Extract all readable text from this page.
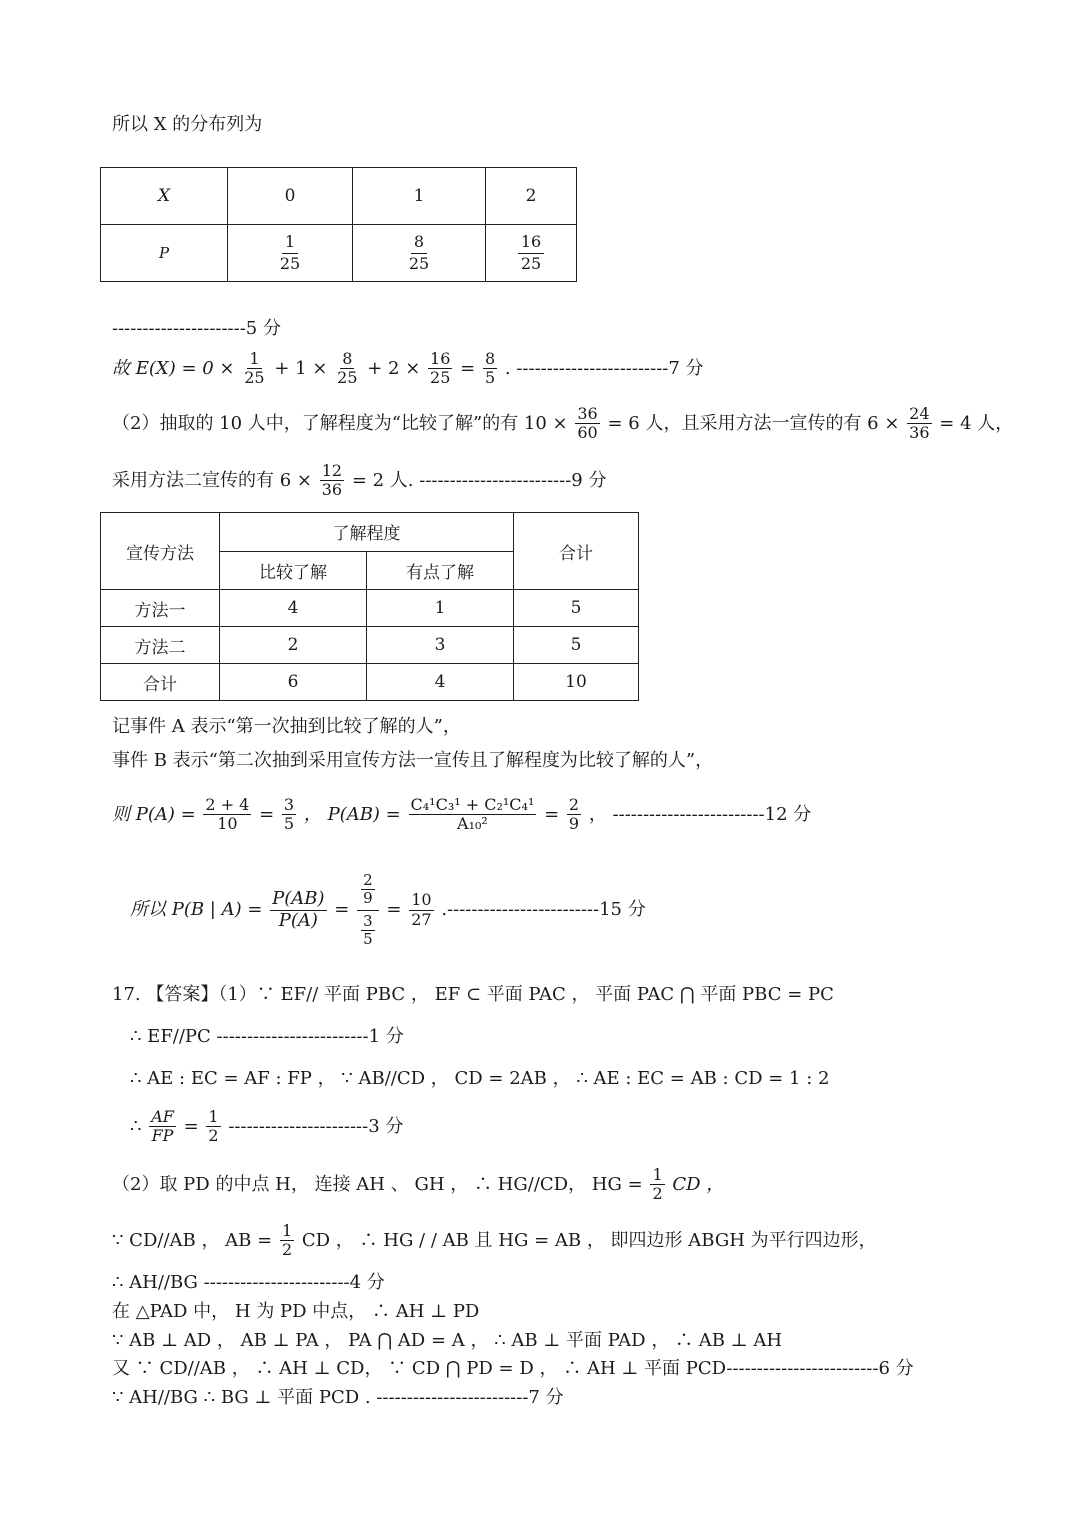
所以 X 的分布列为
X	0	1	2
P	$\frac{1}{25}$	$\frac{8}{25}$	$\frac{16}{25}$
----------------------5 分
故 $E(X) = 0 \times \frac{1}{25} + 1 \times \frac{8}{25} + 2 \times \frac{16}{25} = \frac{8}{5}$ . -------------------------7 分
（2）抽取的 10 人中，了解程度为“比较了解”的有 $10 \times \frac{36}{60} = 6$ 人，且采用方法一宣传的有 $6 \times \frac{24}{36} = 4$ 人，
采用方法二宣传的有 $6 \times \frac{12}{36} = 2$ 人. -------------------------9 分
宣传方法	了解程度		合计
	比较了解	有点了解	
方法一	4	1	5
方法二	2	3	5
合计	6	4	10
记事件 A 表示“第一次抽到比较了解的人”，
事件 B 表示“第二次抽到采用宣传方法一宣传且了解程度为比较了解的人”，
则 $P(A) = \frac{2 + 4}{10} = \frac{3}{5}$ ， $P(AB) = \frac{\text{C₄¹C₃¹ + C₂¹C₄¹}}{\text{A₁₀²}} = \frac{2}{9}$ ， -------------------------12 分
所以 P(B | $A) = \frac{P(AB)}{P(A)} = \frac{\frac{2}{9}}{\frac{3}{5}} = \frac{10}{27} .-------------------------15$ 分
17. 【答案】（1）∵ EF// 平面 PBC ， EF ⊂ 平面 PAC ， 平面 PAC ⋂ 平面 PBC = PC
∴ EF//PC -------------------------1 分
∴ AE : EC = AF : FP ， ∵ AB//CD ， CD = 2AB ， ∴ AE : EC = AB : CD = 1 : 2
∴ $\frac{AF}{FP} = \frac{1}{2} -----------------------3$ 分
（2）取 PD 的中点 H， 连接 AH 、 GH ， ∴ HG//CD， HG = $\frac{1}{2}$ CD ，
∵ CD//AB ， AB = $\frac{1}{2}$ CD ， ∴ HG / / AB 且 HG = AB ， 即四边形 ABGH 为平行四边形，
∴ AH//BG ------------------------4 分
在 △PAD 中， H 为 PD 中点， ∴ AH ⊥ PD
∵ AB ⊥ AD ， AB ⊥ PA ， PA ⋂ AD = A ， ∴ AB ⊥ 平面 PAD ， ∴ AB ⊥ AH
又 ∵ CD//AB ， ∴ AH ⊥ CD， ∵ CD ⋂ PD = D ， ∴ AH ⊥ 平面 PCD-------------------------6 分
∵ AH//BG ∴ BG ⊥ 平面 PCD . -------------------------7 分
